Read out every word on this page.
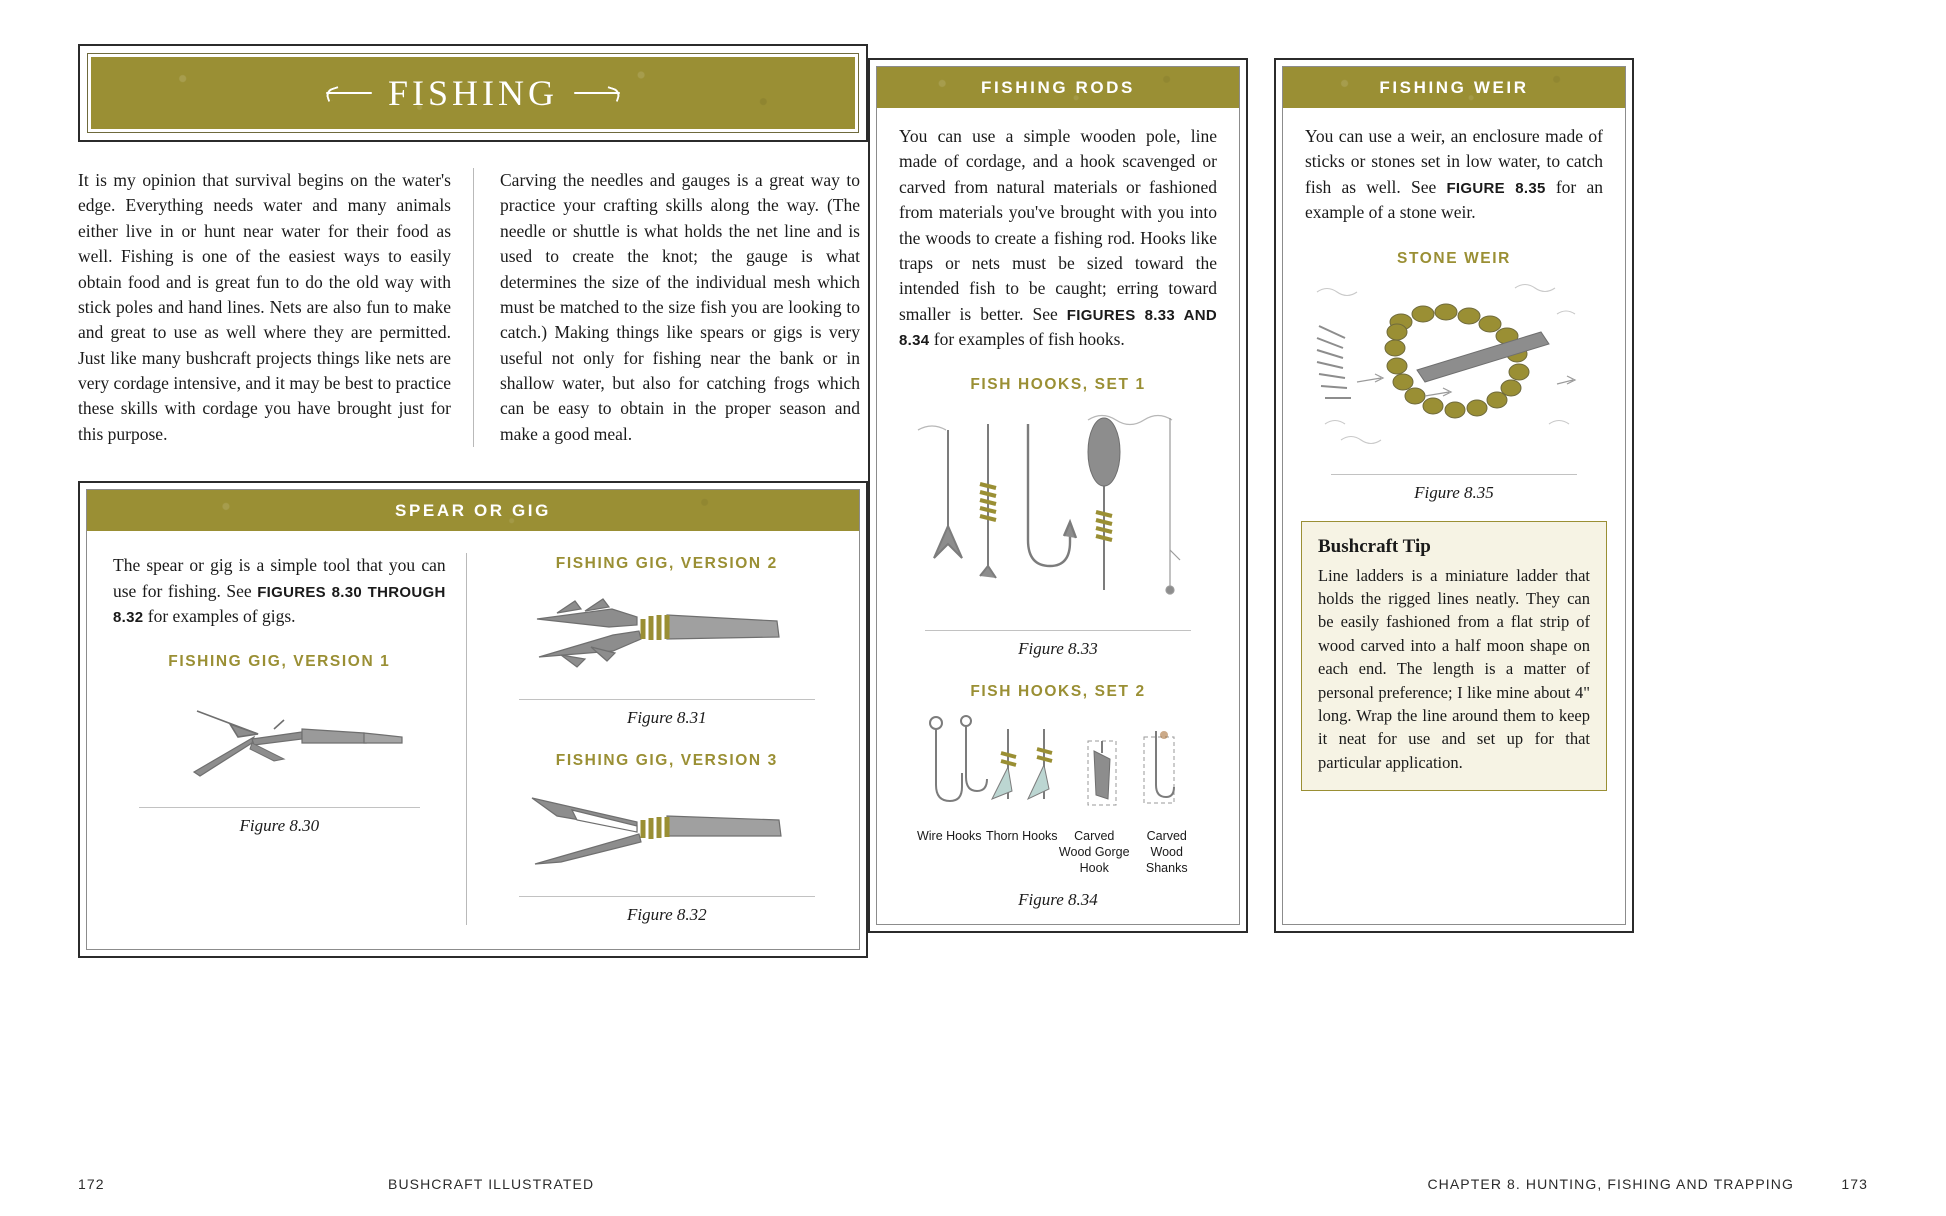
FISHING

It is my opinion that survival begins on the water's edge. Everything needs water and many animals either live in or hunt near water for their food as well. Fishing is one of the easiest ways to easily obtain food and is great fun to do the old way with stick poles and hand lines. Nets are also fun to make and great to use as well where they are permitted. Just like many bushcraft projects things like nets are very cordage intensive, and it may be best to practice these skills with cordage you have brought just for this purpose.

Carving the needles and gauges is a great way to practice your crafting skills along the way. (The needle or shuttle is what holds the net line and is used to create the knot; the gauge is what determines the size of the individual mesh which must be matched to the size fish you are looking to catch.) Making things like spears or gigs is very useful not only for fishing near the bank or in shallow water, but also for catching frogs which can be easy to obtain in the proper season and make a good meal.

SPEAR OR GIG

The spear or gig is a simple tool that you can use for fishing. See FIGURES 8.30 THROUGH 8.32 for examples of gigs.

FISHING GIG, VERSION 1
Figure 8.30
FISHING GIG, VERSION 2
Figure 8.31
FISHING GIG, VERSION 3
Figure 8.32
FISHING RODS

You can use a simple wooden pole, line made of cordage, and a hook scavenged or carved from natural materials or fashioned from materials you've brought with you into the woods to create a fishing rod. Hooks like traps or nets must be sized toward the intended fish to be caught; erring toward smaller is better. See FIGURES 8.33 AND 8.34 for examples of fish hooks.

FISH HOOKS, SET 1
Figure 8.33
FISH HOOKS, SET 2
Wire Hooks Thorn Hooks	Carved Wood Gorge Hook
Carved Wood Shanks
Figure 8.34
FISHING WEIR

You can use a weir, an enclosure made of sticks or stones set in low water, to catch fish as well. See FIGURE 8.35 for an example of a stone weir.

STONE WEIR
Figure 8.35
Bushcraft Tip

Line ladders is a miniature ladder that holds the rigged lines neatly. They can be easily fashioned from a flat strip of wood carved into a half moon shape on each end. The length is a matter of personal preference; I like mine about 4" long. Wrap the line around them to keep it neat for use and set up for that particular application.

172	BUSHCRAFT ILLUSTRATED	CHAPTER 8. HUNTING, FISHING AND TRAPPING	173
